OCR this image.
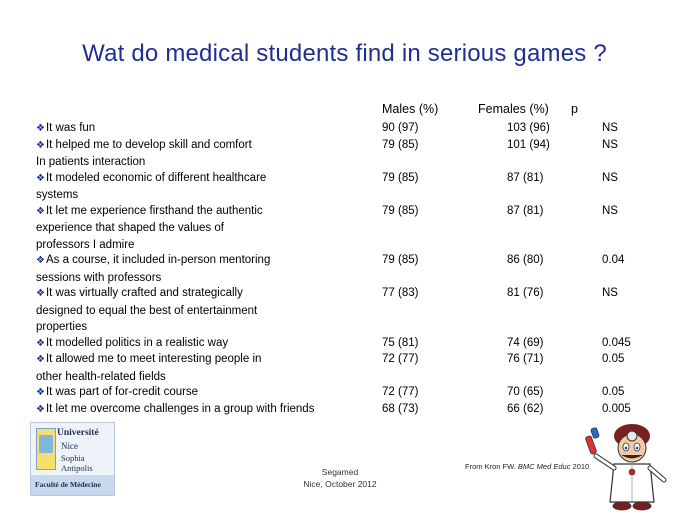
Wat do medical students find in serious games ?
Males (%)	Females (%) p
❖It was fun	90 (97)	103 (96)	NS
❖It helped me to develop skill and comfort
In patients interaction
79 (85)	101 (94)	NS
❖It modeled economic of different healthcare
systems
79 (85)	87 (81)	NS
❖It let me experience firsthand the authentic
experience that shaped the values of
professors I admire
79 (85)	87 (81)	NS
❖As a course, it included in-person mentoring
sessions with professors
79 (85)	86 (80)	0.04
❖It was virtually crafted and strategically
designed to equal the best of entertainment
properties
77 (83)	81 (76)	NS
❖It modelled politics in a realistic way	75 (81)	74 (69)	0.045
❖It allowed me to meet interesting people in
other health-related fields
72 (77)	76 (71)	0.05
❖It was part of for-credit course	72 (77)	70 (65)	0.05
❖It let me overcome challenges in a group with friends	68 (73)	66 (62)	0.005
Université
Nice
Sophia Antipolis
Faculté de Médecine
Segamed
Nice, October 2012
From Kron FW. BMC Med Educ 2010
